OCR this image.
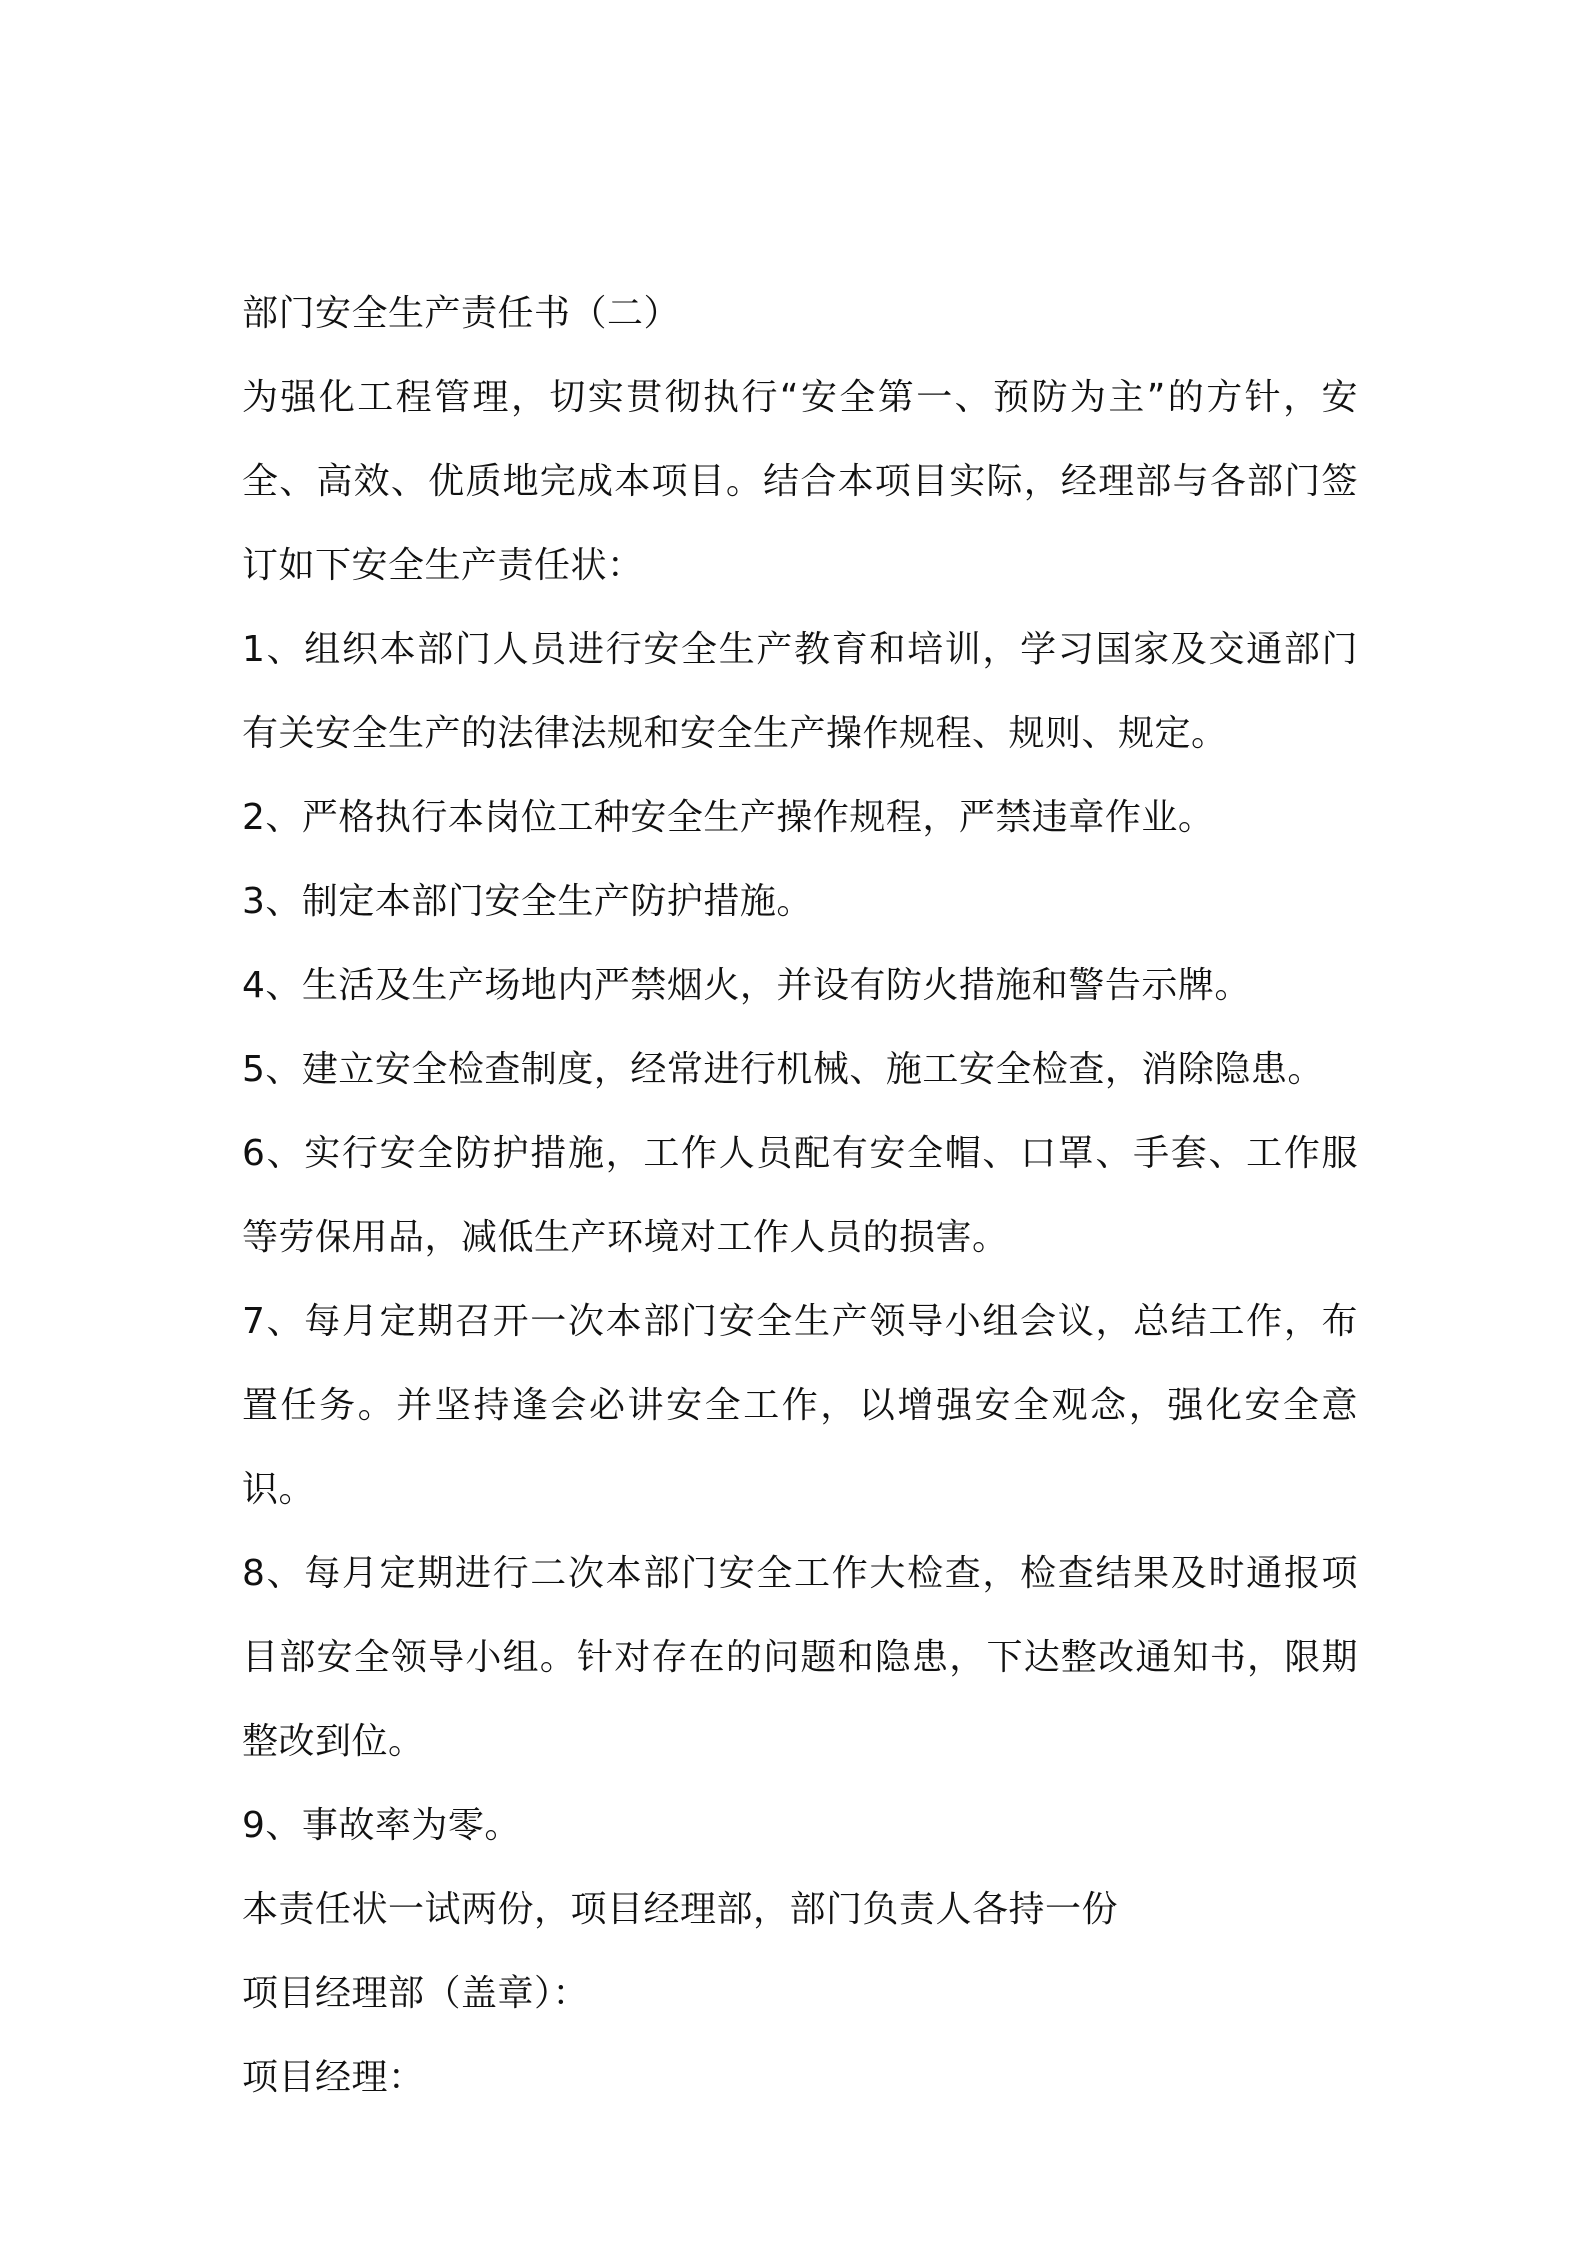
部门安全生产责任书（二）

为强化工程管理，切实贯彻执行“安全第一、预防为主”的方针，安全、高效、优质地完成本项目。结合本项目实际，经理部与各部门签订如下安全生产责任状：

1、组织本部门人员进行安全生产教育和培训，学习国家及交通部门有关安全生产的法律法规和安全生产操作规程、规则、规定。

2、严格执行本岗位工种安全生产操作规程，严禁违章作业。

3、制定本部门安全生产防护措施。

4、生活及生产场地内严禁烟火，并设有防火措施和警告示牌。

5、建立安全检查制度，经常进行机械、施工安全检查，消除隐患。

6、实行安全防护措施，工作人员配有安全帽、口罩、手套、工作服等劳保用品，减低生产环境对工作人员的损害。

7、每月定期召开一次本部门安全生产领导小组会议，总结工作，布置任务。并坚持逢会必讲安全工作，以增强安全观念，强化安全意识。

8、每月定期进行二次本部门安全工作大检查，检查结果及时通报项目部安全领导小组。针对存在的问题和隐患，下达整改通知书，限期整改到位。

9、事故率为零。

本责任状一试两份，项目经理部，部门负责人各持一份

项目经理部（盖章）：

项目经理：
